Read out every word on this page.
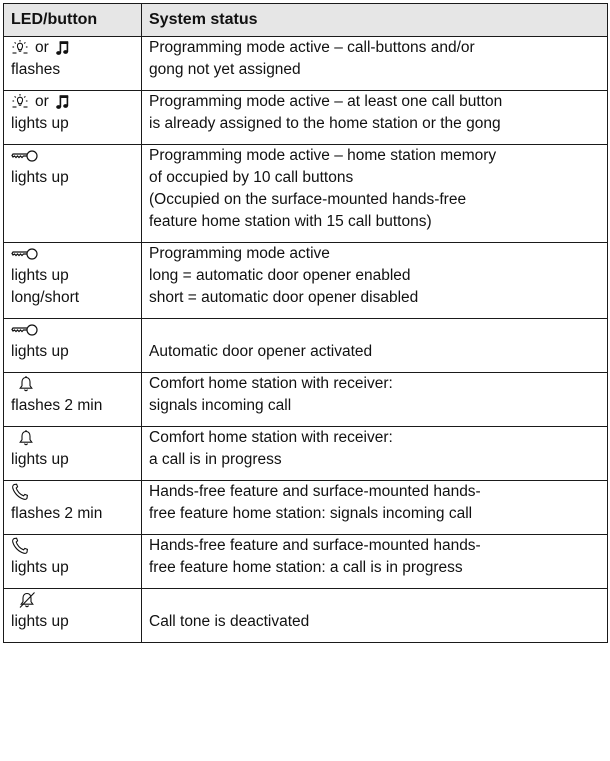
LED/button	System status

or
flashes	Programming mode active – call-buttons and/or
gong not yet assigned

or
lights up	Programming mode active – at least one call button
is already assigned to the home station or the gong

lights up	Programming mode active – home station memory
of occupied by 10 call buttons
(Occupied on the surface-mounted hands-free
feature home station with 15 call buttons)

lights up
long/short	Programming mode active
long = automatic door opener enabled
short = automatic door opener disabled

lights up	Automatic door opener activated

flashes 2 min	Comfort home station with receiver:
signals incoming call

lights up	Comfort home station with receiver:
a call is in progress

flashes 2 min	Hands-free feature and surface-mounted hands-
free feature home station: signals incoming call

lights up	Hands-free feature and surface-mounted hands-
free feature home station: a call is in progress

lights up	Call tone is deactivated
